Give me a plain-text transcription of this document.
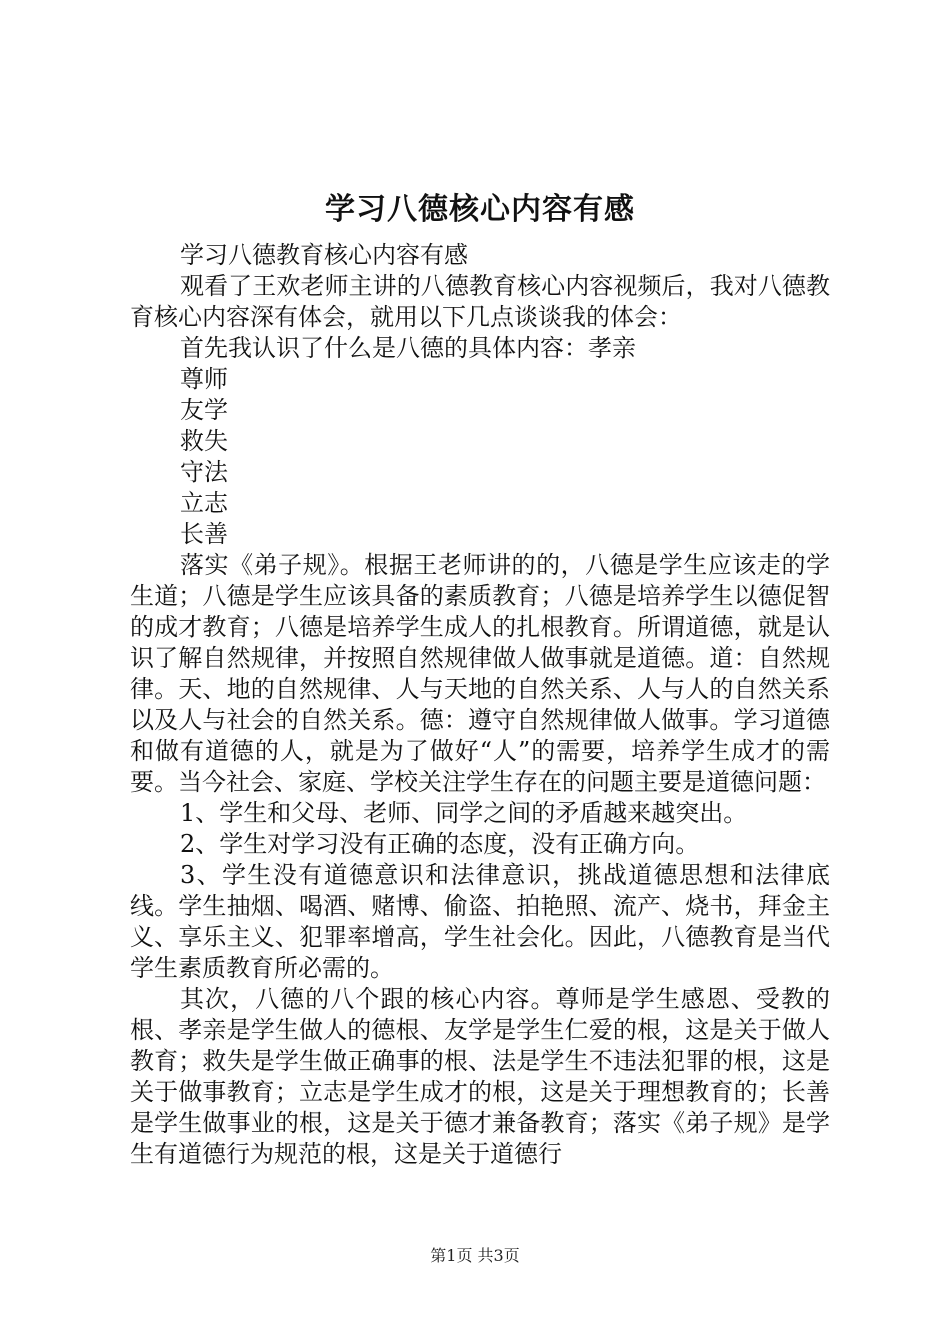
学习八德核心内容有感

学习八德教育核心内容有感

观看了王欢老师主讲的八德教育核心内容视频后，我对八德教育核心内容深有体会，就用以下几点谈谈我的体会：

首先我认识了什么是八德的具体内容：孝亲

尊师

友学

救失

守法

立志

长善

落实《弟子规》。根据王老师讲的的，八德是学生应该走的学生道；八德是学生应该具备的素质教育；八德是培养学生以德促智的成才教育；八德是培养学生成人的扎根教育。所谓道德，就是认识了解自然规律，并按照自然规律做人做事就是道德。道：自然规律。天、地的自然规律、人与天地的自然关系、人与人的自然关系以及人与社会的自然关系。德：遵守自然规律做人做事。学习道德和做有道德的人，就是为了做好“人”的需要，培养学生成才的需要。当今社会、家庭、学校关注学生存在的问题主要是道德问题：

1、学生和父母、老师、同学之间的矛盾越来越突出。

2、学生对学习没有正确的态度，没有正确方向。

3、学生没有道德意识和法律意识，挑战道德思想和法律底线。学生抽烟、喝酒、赌博、偷盗、拍艳照、流产、烧书，拜金主义、享乐主义、犯罪率增高，学生社会化。因此，八德教育是当代学生素质教育所必需的。

其次，八德的八个跟的核心内容。尊师是学生感恩、受教的根、孝亲是学生做人的德根、友学是学生仁爱的根，这是关于做人教育；救失是学生做正确事的根、法是学生不违法犯罪的根，这是关于做事教育；立志是学生成才的根，这是关于理想教育的；长善是学生做事业的根，这是关于德才兼备教育；落实《弟子规》是学生有道德行为规范的根，这是关于道德行

第1页 共3页
